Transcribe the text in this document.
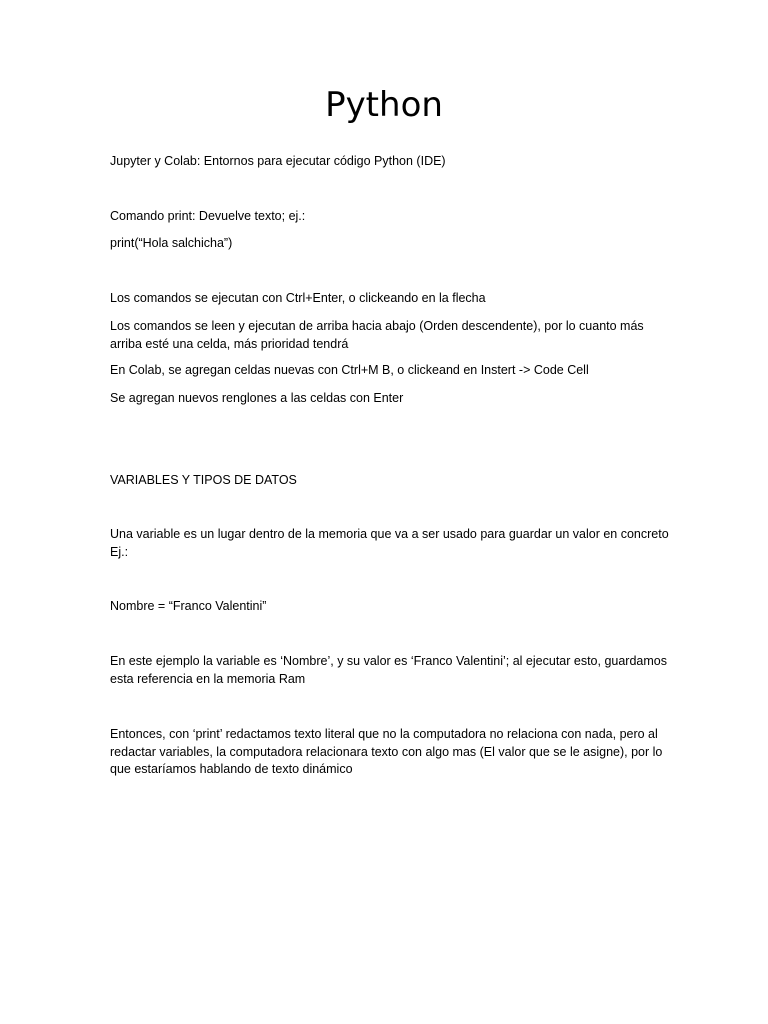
Python

Jupyter y Colab: Entornos para ejecutar código Python (IDE)

Comando print: Devuelve texto; ej.:

print(“Hola salchicha”)

Los comandos se ejecutan con Ctrl+Enter, o clickeando en la flecha

Los comandos se leen y ejecutan de arriba hacia abajo (Orden descendente), por lo cuanto más arriba esté una celda, más prioridad tendrá

En Colab, se agregan celdas nuevas con Ctrl+M B, o clickeand en Instert -> Code Cell

Se agregan nuevos renglones a las celdas con Enter

VARIABLES Y TIPOS DE DATOS

Una variable es un lugar dentro de la memoria que va a ser usado para guardar un valor en concreto Ej.:

Nombre = “Franco Valentini”

En este ejemplo la variable es ‘Nombre’, y su valor es ‘Franco Valentini’; al ejecutar esto, guardamos esta referencia en la memoria Ram

Entonces, con ‘print’ redactamos texto literal que no la computadora no relaciona con nada, pero al redactar variables, la computadora relacionara texto con algo mas (El valor que se le asigne), por lo que estaríamos hablando de texto dinámico
